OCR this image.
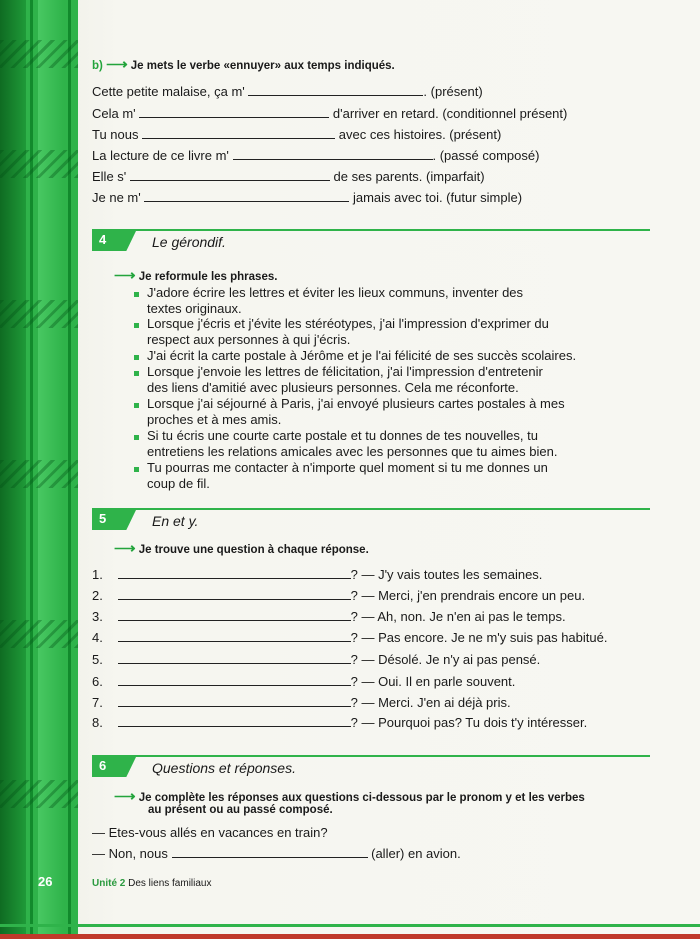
26
b) ⟶ Je mets le verbe «ennuyer» aux temps indiqués.
Cette petite malaise, ça m'	. (présent)
Cela m'	d'arriver en retard. (conditionnel présent)
Tu nous	avec ces histoires. (présent)
La lecture de ce livre m'	. (passé composé)
Elle s'	de ses parents. (imparfait)
Je ne m'	jamais avec toi. (futur simple)
4	Le gérondif.
⟶ Je reformule les phrases.
J'adore écrire les lettres et éviter les lieux communs, inventer des
textes originaux.
Lorsque j'écris et j'évite les stéréotypes, j'ai l'impression d'exprimer du
respect aux personnes à qui j'écris.
J'ai écrit la carte postale à Jérôme et je l'ai félicité de ses succès scolaires.
Lorsque j'envoie les lettres de félicitation, j'ai l'impression d'entretenir
des liens d'amitié avec plusieurs personnes. Cela me réconforte.
Lorsque j'ai séjourné à Paris, j'ai envoyé plusieurs cartes postales à mes
proches et à mes amis.
Si tu écris une courte carte postale et tu donnes de tes nouvelles, tu
entretiens les relations amicales avec les personnes que tu aimes bien.
Tu pourras me contacter à n'importe quel moment si tu me donnes un
coup de fil.
5	En et y.
⟶ Je trouve une question à chaque réponse.
1.	? — J'y vais toutes les semaines.
2.	? — Merci, j'en prendrais encore un peu.
3.	? — Ah, non. Je n'en ai pas le temps.
4.	? — Pas encore. Je ne m'y suis pas habitué.
5.	? — Désolé. Je n'y ai pas pensé.
6.	? — Oui. Il en parle souvent.
7.	? — Merci. J'en ai déjà pris.
8.	? — Pourquoi pas? Tu dois t'y intéresser.
6	Questions et réponses.
⟶ Je complète les réponses aux questions ci-dessous par le pronom y et les verbes
au présent ou au passé composé.
— Etes-vous allés en vacances en train?
— Non, nous	(aller) en avion.
Unité 2 Des liens familiaux
